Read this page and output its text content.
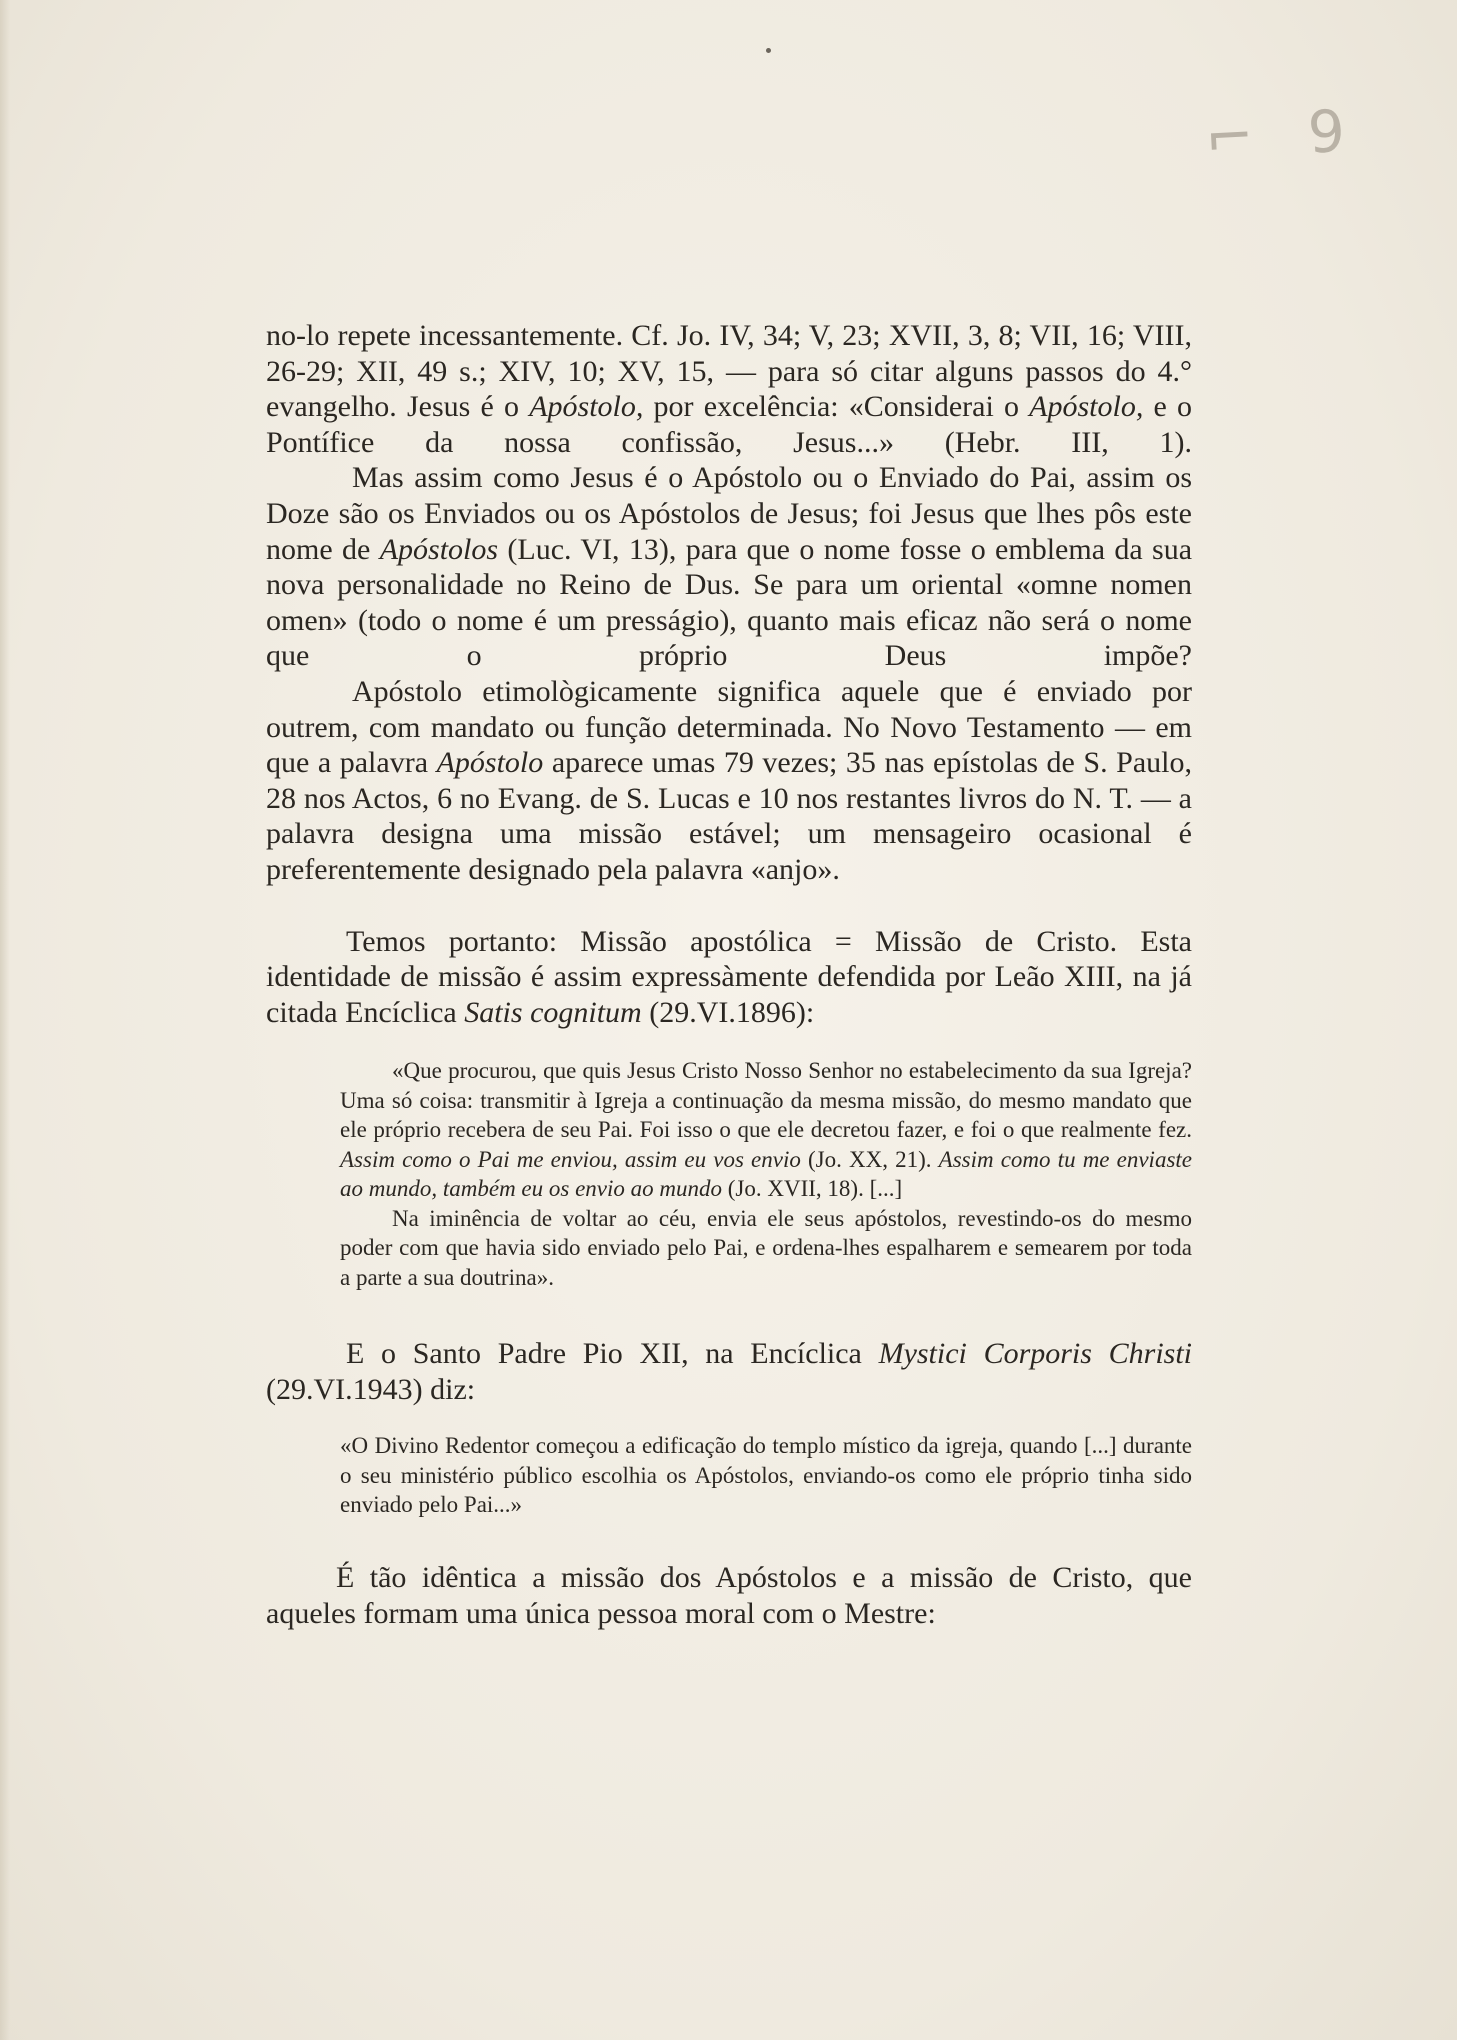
⌐ 9

no-lo repete incessantemente. Cf. Jo. IV, 34; V, 23; XVII, 3, 8; VII, 16; VIII, 26-29; XII, 49 s.; XIV, 10; XV, 15, — para só citar alguns passos do 4.° evangelho. Jesus é o Apóstolo, por excelência: «Considerai o Apóstolo, e o Pontífice da nossa confissão, Jesus...» (Hebr. III, 1).

Mas assim como Jesus é o Apóstolo ou o Enviado do Pai, assim os Doze são os Enviados ou os Apóstolos de Jesus; foi Jesus que lhes pôs este nome de Apóstolos (Luc. VI, 13), para que o nome fosse o emblema da sua nova personalidade no Reino de Dus. Se para um oriental «omne nomen omen» (todo o nome é um presságio), quanto mais eficaz não será o nome que o próprio Deus impõe?

Apóstolo etimològicamente significa aquele que é enviado por outrem, com mandato ou função determinada. No Novo Testamento — em que a palavra Apóstolo aparece umas 79 vezes; 35 nas epístolas de S. Paulo, 28 nos Actos, 6 no Evang. de S. Lucas e 10 nos restantes livros do N. T. — a palavra designa uma missão estável; um mensageiro ocasional é preferentemente designado pela palavra «anjo».

Temos portanto: Missão apostólica = Missão de Cristo. Esta identidade de missão é assim expressàmente defendida por Leão XIII, na já citada Encíclica Satis cognitum (29.VI.1896):

«Que procurou, que quis Jesus Cristo Nosso Senhor no estabelecimento da sua Igreja? Uma só coisa: transmitir à Igreja a continuação da mesma missão, do mesmo mandato que ele próprio recebera de seu Pai. Foi isso o que ele decretou fazer, e foi o que realmente fez. Assim como o Pai me enviou, assim eu vos envio (Jo. XX, 21). Assim como tu me enviaste ao mundo, também eu os envio ao mundo (Jo. XVII, 18). [...]
Na iminência de voltar ao céu, envia ele seus apóstolos, revestindo-os do mesmo poder com que havia sido enviado pelo Pai, e ordena-lhes espalharem e semearem por toda a parte a sua doutrina».

E o Santo Padre Pio XII, na Encíclica Mystici Corporis Christi (29.VI.1943) diz:

«O Divino Redentor começou a edificação do templo místico da igreja, quando [...] durante o seu ministério público escolhia os Apóstolos, enviando-os como ele próprio tinha sido enviado pelo Pai...»

É tão idêntica a missão dos Apóstolos e a missão de Cristo, que aqueles formam uma única pessoa moral com o Mestre:
